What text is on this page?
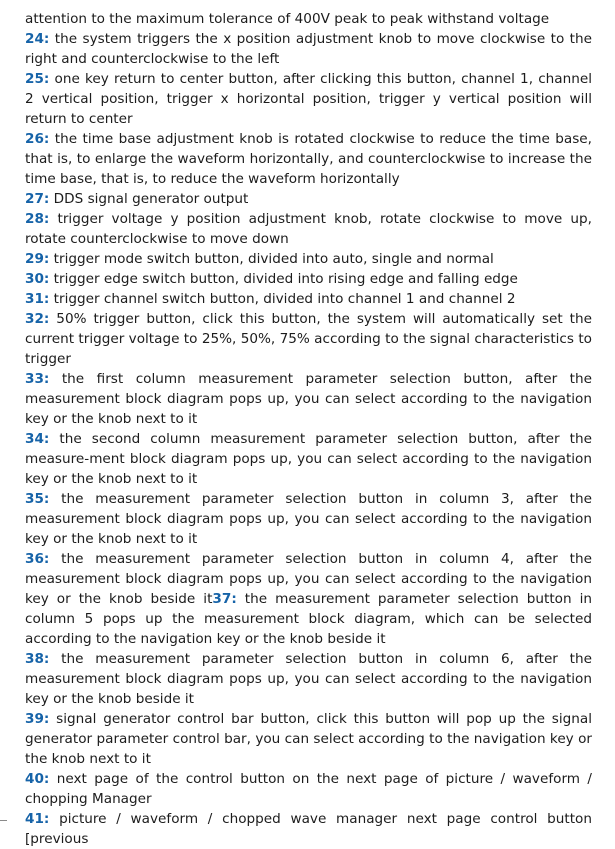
attention to the maximum tolerance of 400V peak to peak withstand voltage

24: the system triggers the x position adjustment knob to move clockwise to the right and counterclockwise to the left

25: one key return to center button, after clicking this button, channel 1, channel 2 vertical position, trigger x horizontal position, trigger y vertical position will return to center

26: the time base adjustment knob is rotated clockwise to reduce the time base, that is, to enlarge the waveform horizontally, and counterclockwise to increase the time base, that is, to reduce the waveform horizontally

27: DDS signal generator output

28: trigger voltage y position adjustment knob, rotate clockwise to move up, rotate counterclockwise to move down

29: trigger mode switch button, divided into auto, single and normal

30: trigger edge switch button, divided into rising edge and falling edge

31: trigger channel switch button, divided into channel 1 and channel 2

32: 50% trigger button, click this button, the system will automatically set the current trigger voltage to 25%, 50%, 75% according to the signal characteristics to trigger

33: the first column measurement parameter selection button, after the measurement block diagram pops up, you can select according to the navigation key or the knob next to it

34: the second column measurement parameter selection button, after the measure-ment block diagram pops up, you can select according to the navigation key or the knob next to it

35: the measurement parameter selection button in column 3, after the measurement block diagram pops up, you can select according to the navigation key or the knob next to it

36: the measurement parameter selection button in column 4, after the measurement block diagram pops up, you can select according to the navigation key or the knob beside it37: the measurement parameter selection button in column 5 pops up the measurement block diagram, which can be selected according to the navigation key or the knob beside it

38: the measurement parameter selection button in column 6, after the measurement block diagram pops up, you can select according to the navigation key or the knob beside it

39: signal generator control bar button, click this button will pop up the signal generator parameter control bar, you can select according to the navigation key or the knob next to it

40: next page of the control button on the next page of picture / waveform / chopping Manager

41: picture / waveform / chopped wave manager next page control button [previous
